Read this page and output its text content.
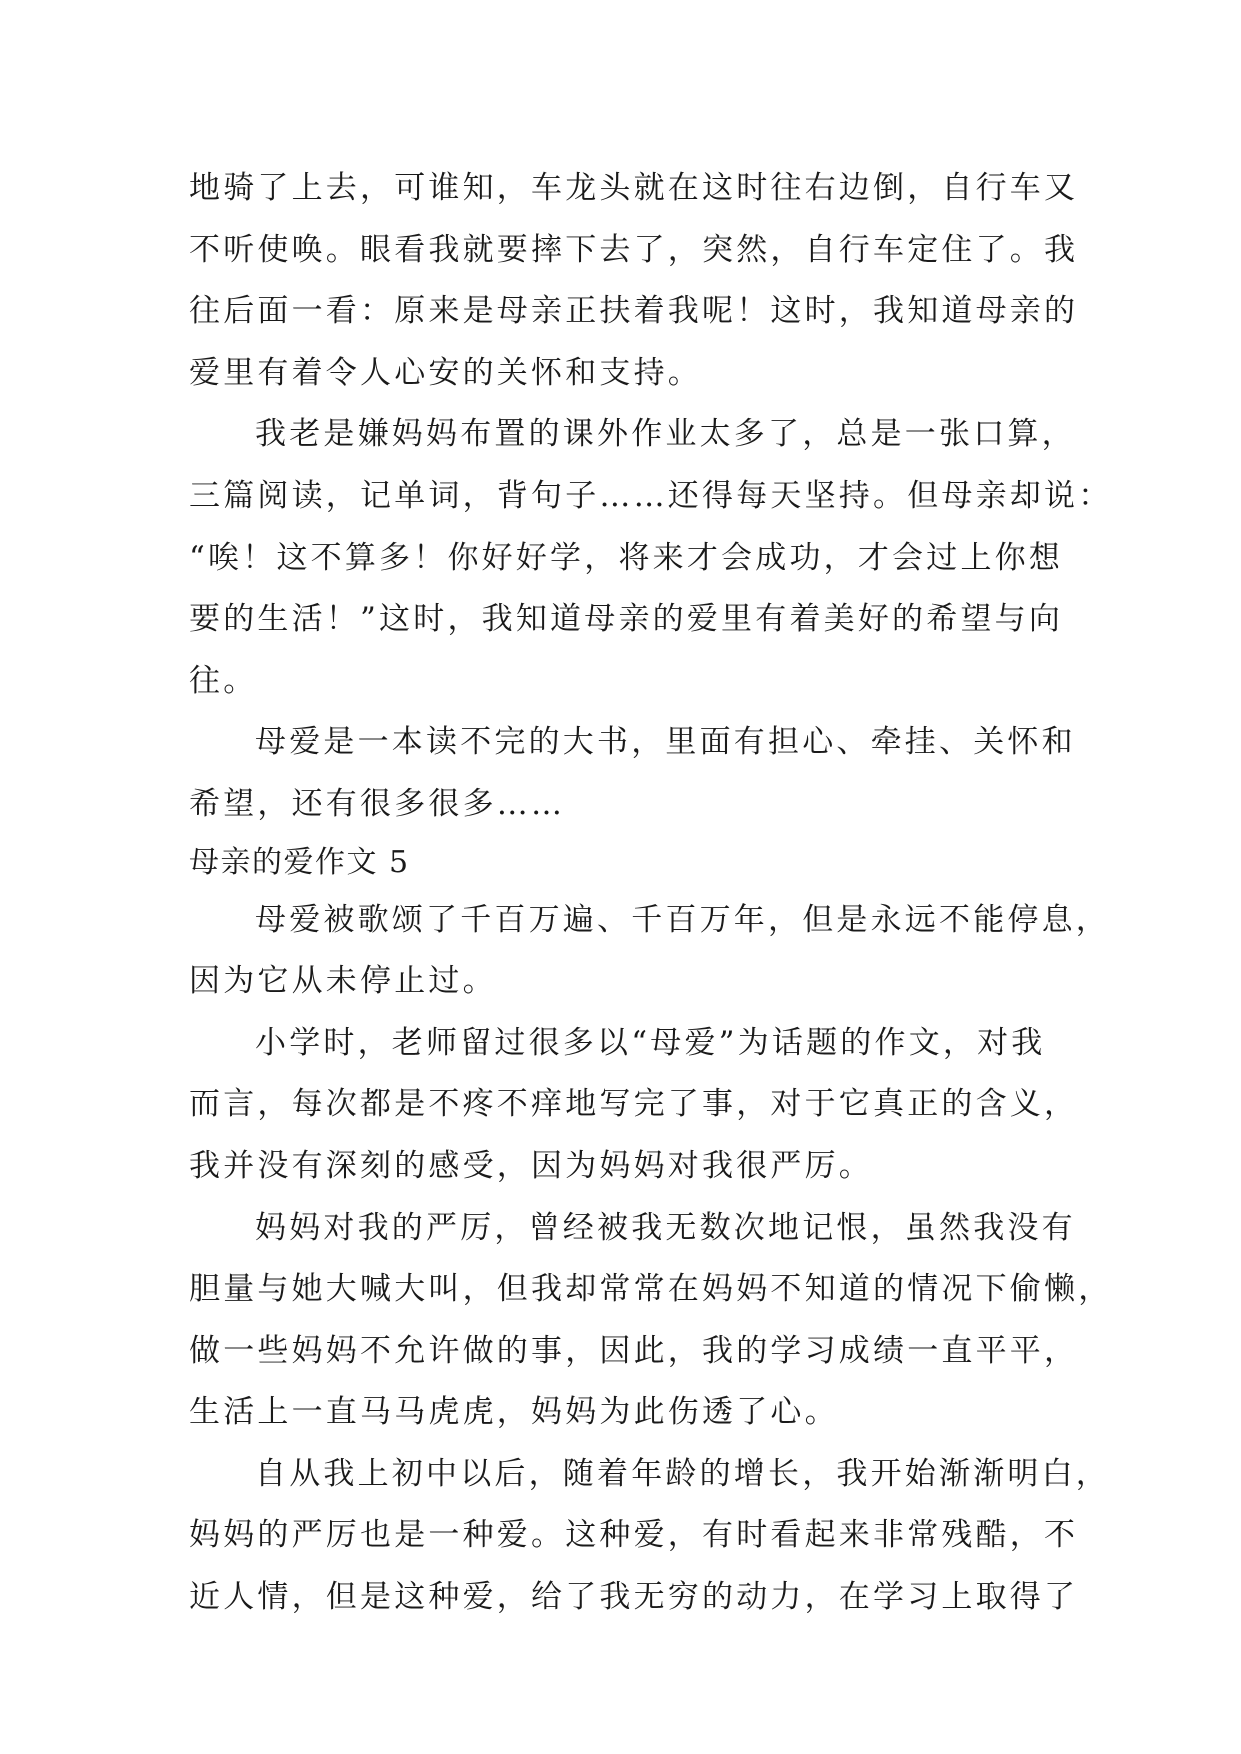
地骑了上去，可谁知，车龙头就在这时往右边倒，自行车又
不听使唤。眼看我就要摔下去了，突然，自行车定住了。我
往后面一看：原来是母亲正扶着我呢！这时，我知道母亲的
爱里有着令人心安的关怀和支持。
我老是嫌妈妈布置的课外作业太多了，总是一张口算，
三篇阅读，记单词，背句子……还得每天坚持。但母亲却说：
“唉！这不算多！你好好学，将来才会成功，才会过上你想
要的生活！”这时，我知道母亲的爱里有着美好的希望与向
往。
母爱是一本读不完的大书，里面有担心、牵挂、关怀和
希望，还有很多很多……
母亲的爱作文 5
母爱被歌颂了千百万遍、千百万年，但是永远不能停息，
因为它从未停止过。
小学时，老师留过很多以“母爱”为话题的作文，对我
而言，每次都是不疼不痒地写完了事，对于它真正的含义，
我并没有深刻的感受，因为妈妈对我很严厉。
妈妈对我的严厉，曾经被我无数次地记恨，虽然我没有
胆量与她大喊大叫，但我却常常在妈妈不知道的情况下偷懒，
做一些妈妈不允许做的事，因此，我的学习成绩一直平平，
生活上一直马马虎虎，妈妈为此伤透了心。
自从我上初中以后，随着年龄的增长，我开始渐渐明白，
妈妈的严厉也是一种爱。这种爱，有时看起来非常残酷，不
近人情，但是这种爱，给了我无穷的动力，在学习上取得了
